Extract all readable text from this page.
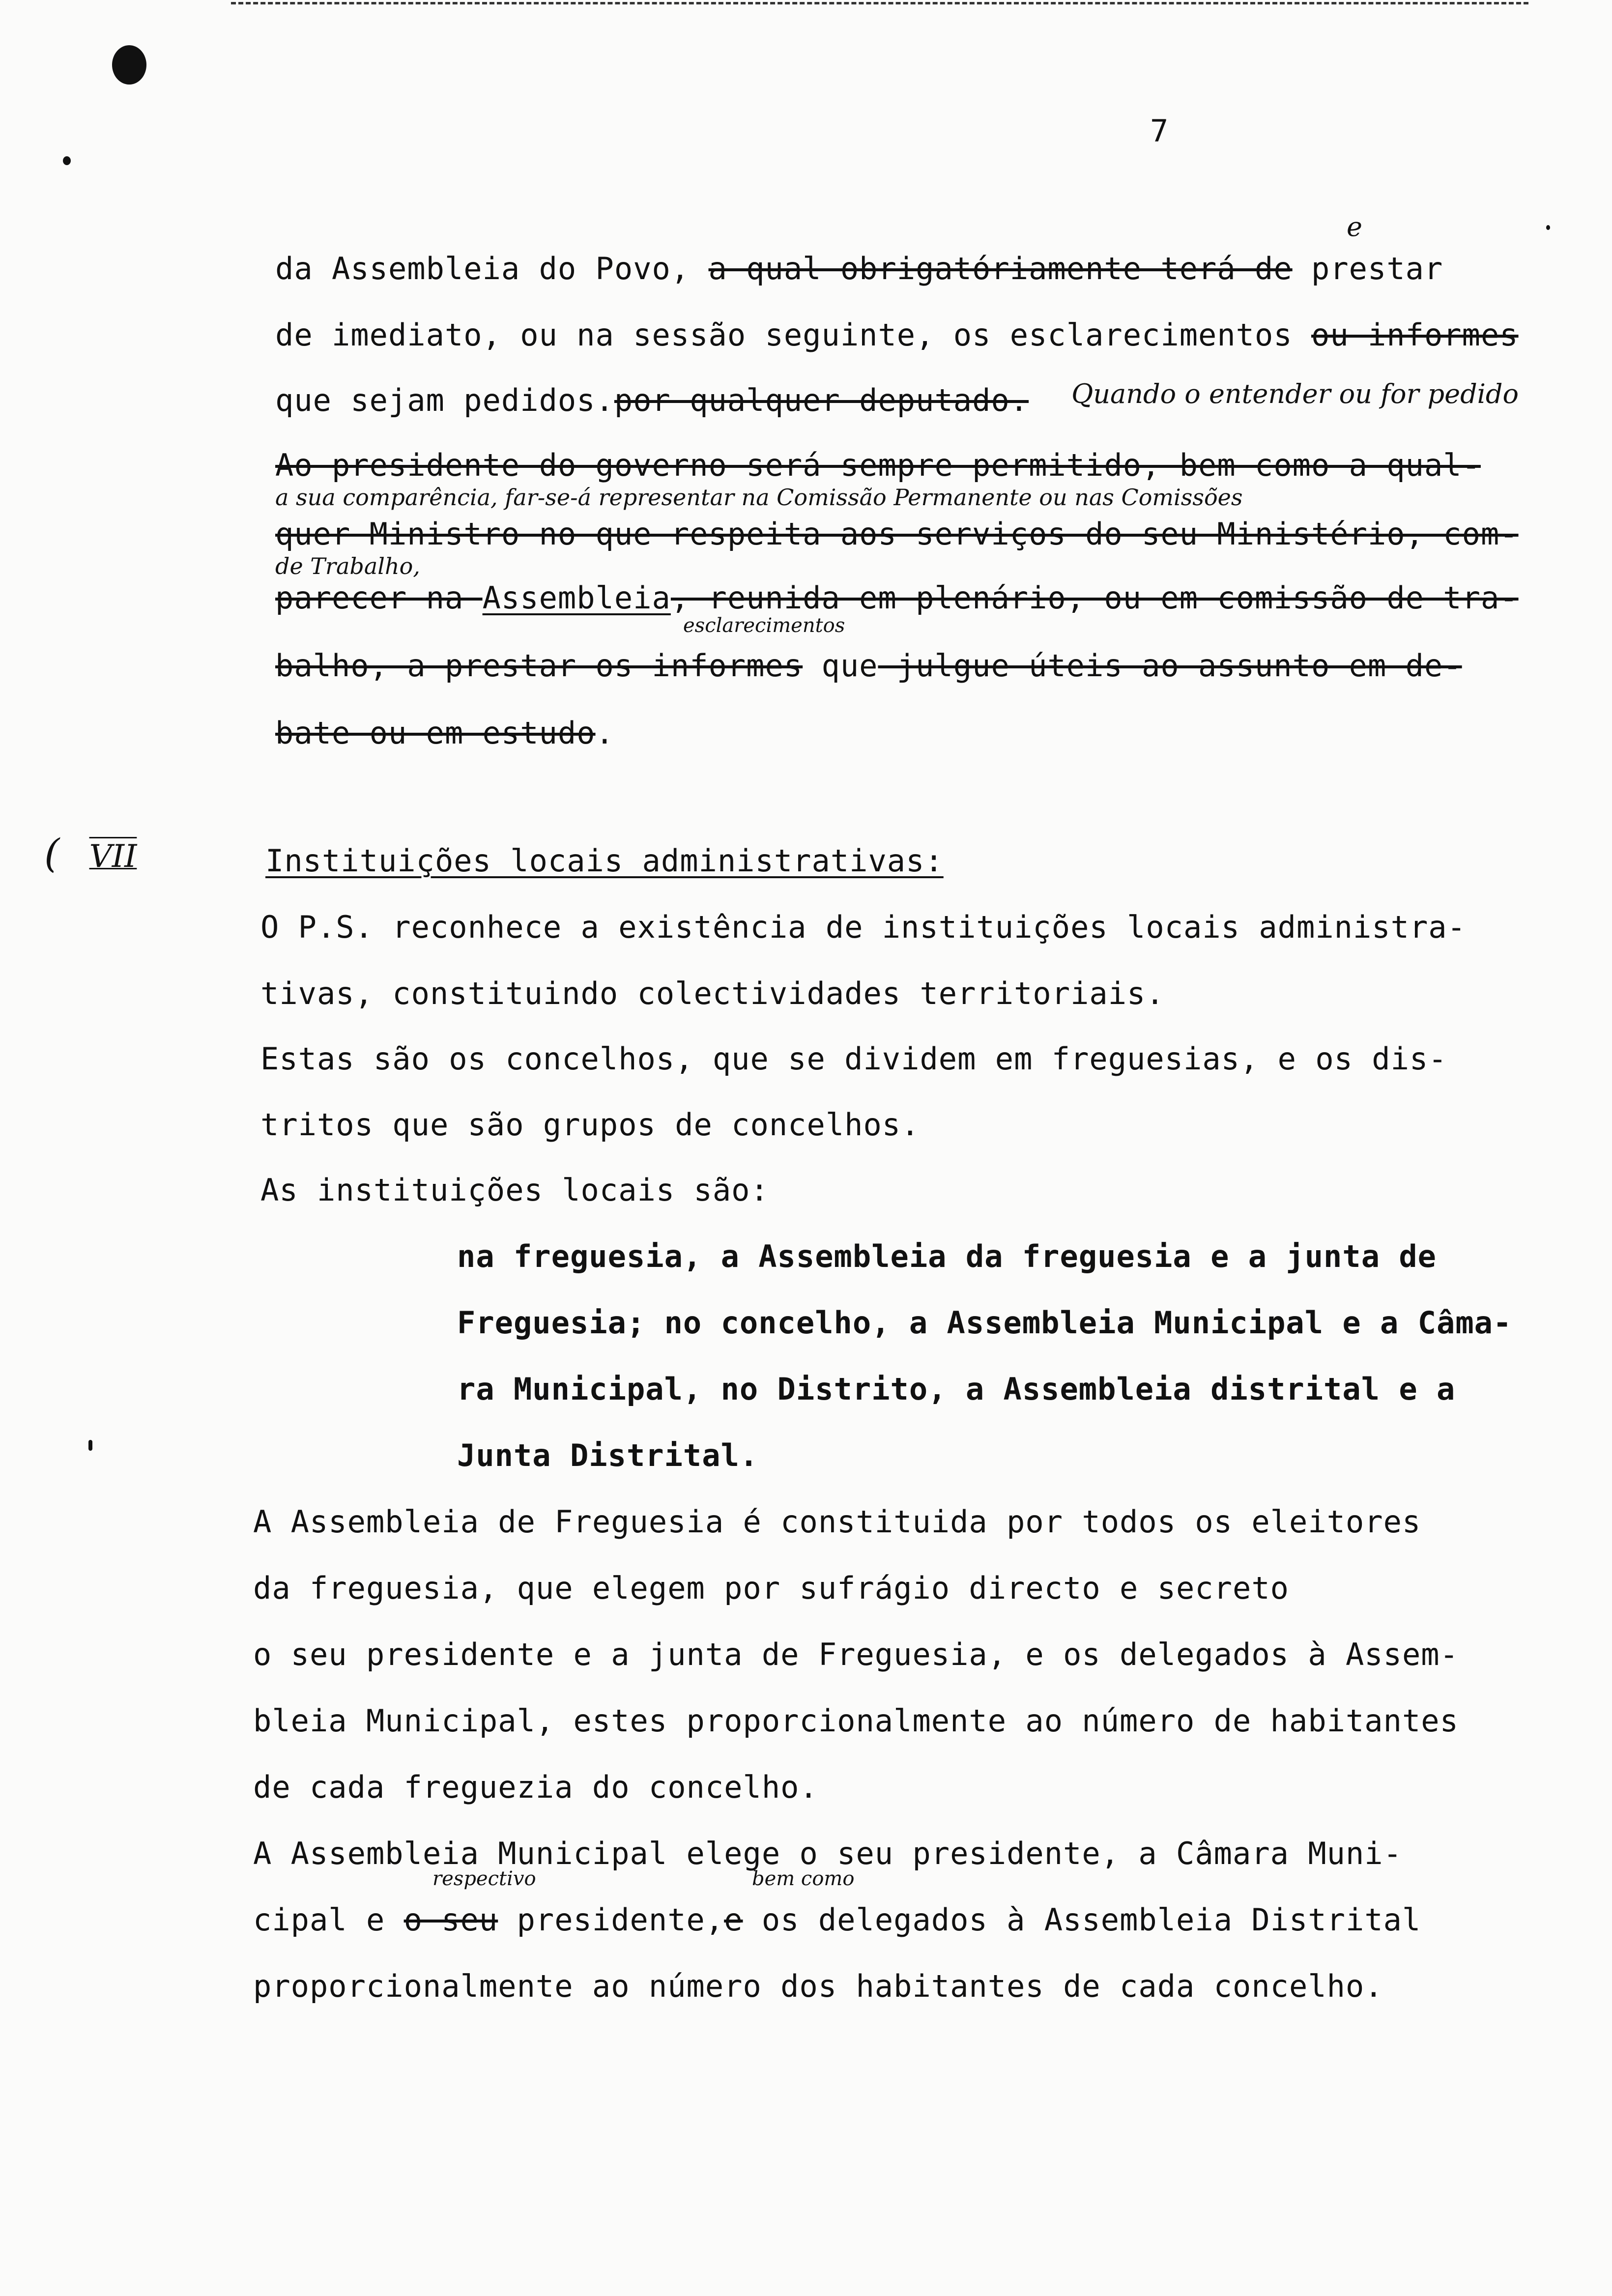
7
da Assembleia do Povo, a qual obrigatóriamente terá de prestar
e
de imediato, ou na sessão seguinte, os esclarecimentos ou informes
que sejam pedidos.por qualquer deputado. Quando o entender ou for pedido
Ao presidente do governo será sempre permitido, bem como a qual-
a sua comparência, far-se-á representar na Comissão Permanente ou nas Comissões
quer Ministro no que respeita aos serviços do seu Ministério, com-
de Trabalho,
parecer na Assembleia, reunida em plenário, ou em comissão de tra-
esclarecimentos
balho, a prestar os informes que julgue úteis ao assunto em de-
bate ou em estudo.
( VII	Instituições locais administrativas:
O P.S. reconhece a existência de instituições locais administra-
tivas, constituindo colectividades territoriais.
Estas são os concelhos, que se dividem em freguesias, e os dis-
tritos que são grupos de concelhos.
As instituições locais são:
na freguesia, a Assembleia da freguesia e a junta de
Freguesia; no concelho, a Assembleia Municipal e a Câma-
ra Municipal, no Distrito, a Assembleia distrital e a
Junta Distrital.
A Assembleia de Freguesia é constituida por todos os eleitores
da freguesia, que elegem por sufrágio directo e secreto
o seu presidente e a junta de Freguesia, e os delegados à Assem-
bleia Municipal, estes proporcionalmente ao número de habitantes
de cada freguezia do concelho.
A Assembleia Municipal elege o seu presidente, a Câmara Muni-
respectivo	bem como
cipal e o seu presidente,e os delegados à Assembleia Distrital
proporcionalmente ao número dos habitantes de cada concelho.
